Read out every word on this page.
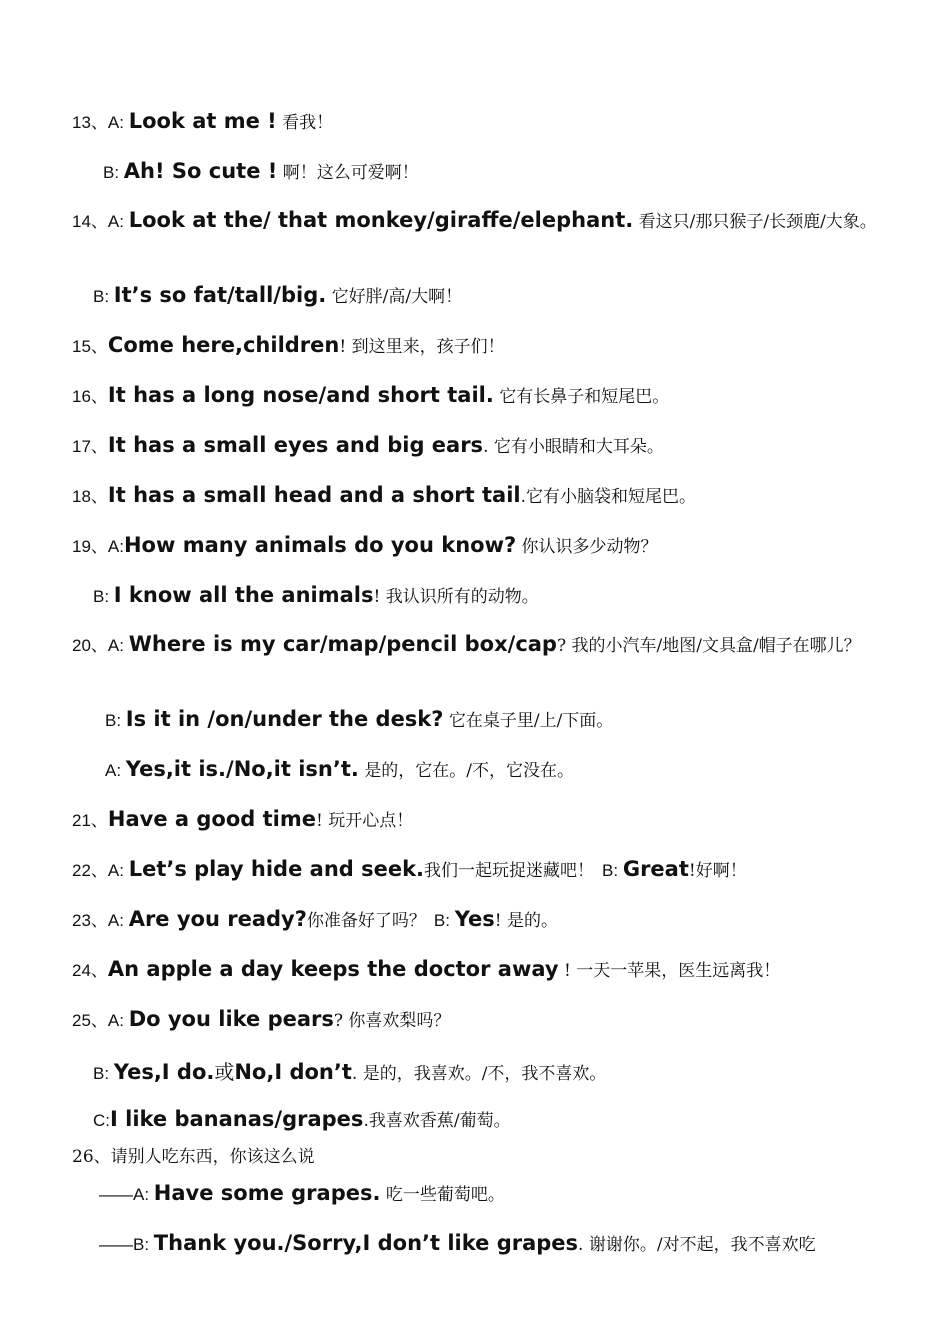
13、A: Look at me ! 看我！
B: Ah! So cute ! 啊！这么可爱啊！
14、A: Look at the/ that monkey/giraffe/elephant. 看这只/那只猴子/长颈鹿/大象。
B: It’s so fat/tall/big. 它好胖/高/大啊！
15、Come here,children! 到这里来，孩子们！
16、It has a long nose/and short tail. 它有长鼻子和短尾巴。
17、It has a small eyes and big ears. 它有小眼睛和大耳朵。
18、It has a small head and a short tail.它有小脑袋和短尾巴。
19、A:How many animals do you know? 你认识多少动物？
B: I know all the animals! 我认识所有的动物。
20、A: Where is my car/map/pencil box/cap? 我的小汽车/地图/文具盒/帽子在哪儿？
B: Is it in /on/under the desk? 它在桌子里/上/下面。
A: Yes,it is./No,it isn’t. 是的，它在。/不，它没在。
21、Have a good time! 玩开心点！
22、A: Let’s play hide and seek.我们一起玩捉迷藏吧！ B: Great!好啊！
23、A: Are you ready?你准备好了吗？ B: Yes! 是的。
24、An apple a day keeps the doctor away ! 一天一苹果，医生远离我！
25、A: Do you like pears? 你喜欢梨吗？
B: Yes,I do.或No,I don’t. 是的，我喜欢。/不，我不喜欢。
C:I like bananas/grapes.我喜欢香蕉/葡萄。
26、请别人吃东西，你该这么说
——A: Have some grapes. 吃一些葡萄吧。
——B: Thank you./Sorry,I don’t like grapes. 谢谢你。/对不起，我不喜欢吃
